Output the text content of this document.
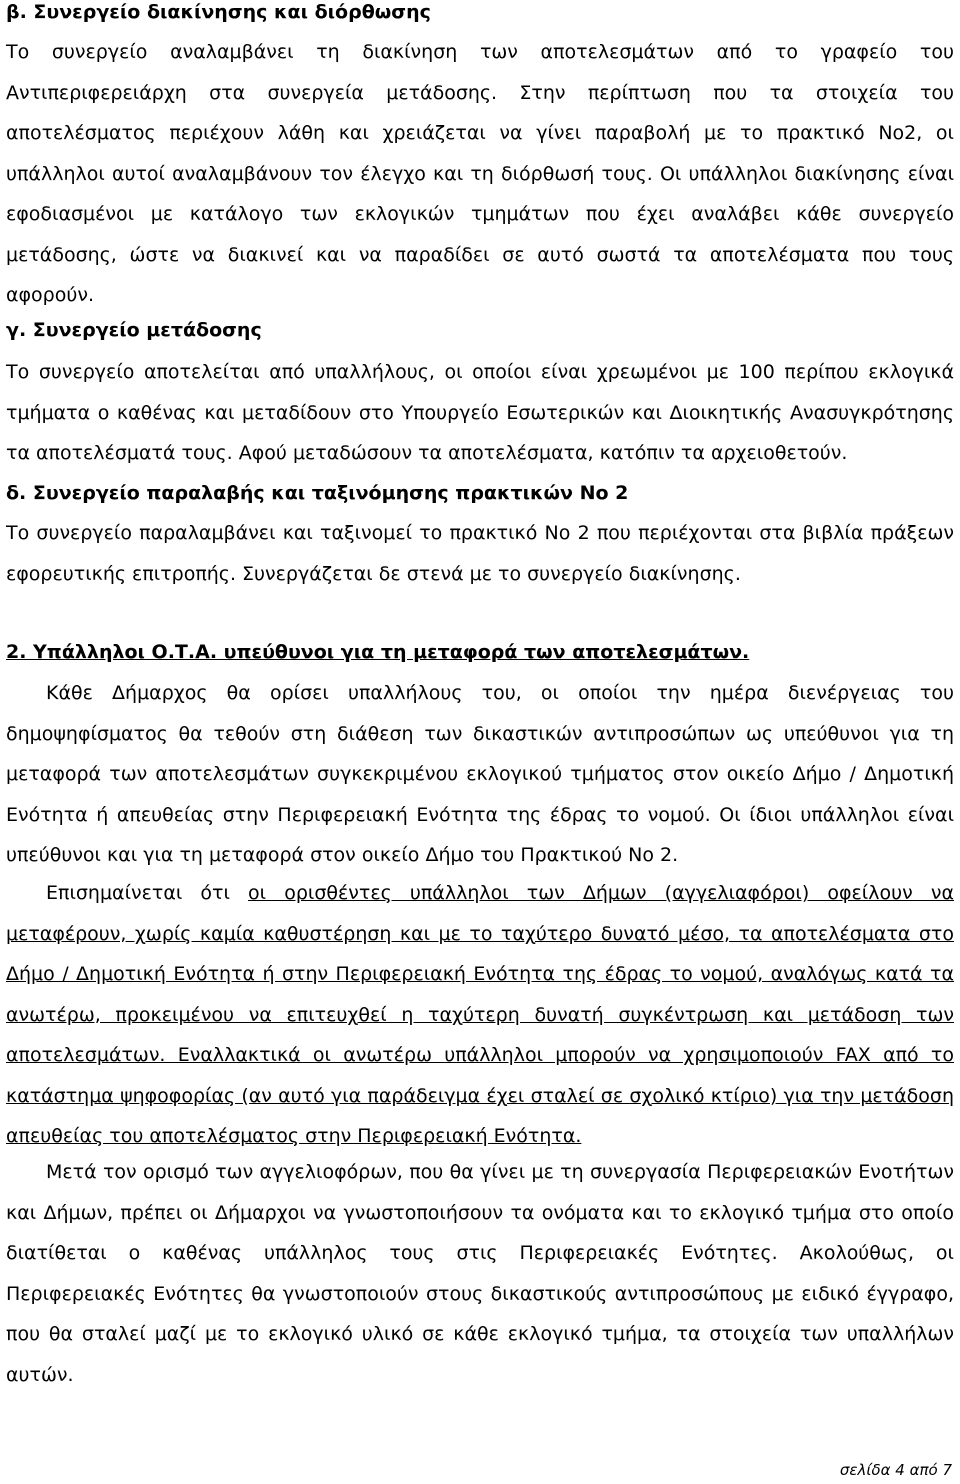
β. Συνεργείο διακίνησης και διόρθωσης
Το συνεργείο αναλαμβάνει τη διακίνηση των αποτελεσμάτων από το γραφείο του Αντιπεριφερειάρχη στα συνεργεία μετάδοσης. Στην περίπτωση που τα στοιχεία του αποτελέσματος περιέχουν λάθη και χρειάζεται να γίνει παραβολή με το πρακτικό Νο2, οι υπάλληλοι αυτοί αναλαμβάνουν τον έλεγχο και τη διόρθωσή τους. Οι υπάλληλοι διακίνησης είναι εφοδιασμένοι με κατάλογο των εκλογικών τμημάτων που έχει αναλάβει κάθε συνεργείο μετάδοσης, ώστε να διακινεί και να παραδίδει σε αυτό σωστά τα αποτελέσματα που τους αφορούν.
γ. Συνεργείο μετάδοσης
Το συνεργείο αποτελείται από υπαλλήλους, οι οποίοι είναι χρεωμένοι με 100 περίπου εκλογικά τμήματα ο καθένας και μεταδίδουν στο Υπουργείο Εσωτερικών και Διοικητικής Ανασυγκρότησης τα αποτελέσματά τους. Αφού μεταδώσουν τα αποτελέσματα, κατόπιν τα αρχειοθετούν.
δ. Συνεργείο παραλαβής και ταξινόμησης πρακτικών Νο 2
Το συνεργείο παραλαμβάνει και ταξινομεί το πρακτικό Νο 2 που περιέχονται στα βιβλία πράξεων εφορευτικής επιτροπής. Συνεργάζεται δε στενά με το συνεργείο διακίνησης.
2. Υπάλληλοι Ο.Τ.Α. υπεύθυνοι για τη μεταφορά των αποτελεσμάτων.
Κάθε Δήμαρχος θα ορίσει υπαλλήλους του, οι οποίοι την ημέρα διενέργειας του δημοψηφίσματος θα τεθούν στη διάθεση των δικαστικών αντιπροσώπων ως υπεύθυνοι για τη μεταφορά των αποτελεσμάτων συγκεκριμένου εκλογικού τμήματος στον οικείο Δήμο / Δημοτική Ενότητα ή απευθείας στην Περιφερειακή Ενότητα της έδρας το νομού. Οι ίδιοι υπάλληλοι είναι υπεύθυνοι και για τη μεταφορά στον οικείο Δήμο του Πρακτικού Νο 2.
Επισημαίνεται ότι οι ορισθέντες υπάλληλοι των Δήμων (αγγελιαφόροι) οφείλουν να μεταφέρουν, χωρίς καμία καθυστέρηση και με το ταχύτερο δυνατό μέσο, τα αποτελέσματα στο Δήμο / Δημοτική Ενότητα ή στην Περιφερειακή Ενότητα της έδρας το νομού, αναλόγως κατά τα ανωτέρω, προκειμένου να επιτευχθεί η ταχύτερη δυνατή συγκέντρωση και μετάδοση των αποτελεσμάτων. Εναλλακτικά οι ανωτέρω υπάλληλοι μπορούν να χρησιμοποιούν FAX από το κατάστημα ψηφοφορίας (αν αυτό για παράδειγμα έχει σταλεί σε σχολικό κτίριο) για την μετάδοση απευθείας του αποτελέσματος στην Περιφερειακή Ενότητα.
Μετά τον ορισμό των αγγελιοφόρων, που θα γίνει με τη συνεργασία Περιφερειακών Ενοτήτων και Δήμων, πρέπει οι Δήμαρχοι να γνωστοποιήσουν τα ονόματα και το εκλογικό τμήμα στο οποίο διατίθεται ο καθένας υπάλληλος τους στις Περιφερειακές Ενότητες. Ακολούθως, οι Περιφερειακές Ενότητες θα γνωστοποιούν στους δικαστικούς αντιπροσώπους με ειδικό έγγραφο, που θα σταλεί μαζί με το εκλογικό υλικό σε κάθε εκλογικό τμήμα, τα στοιχεία των υπαλλήλων αυτών.
σελίδα 4 από 7
